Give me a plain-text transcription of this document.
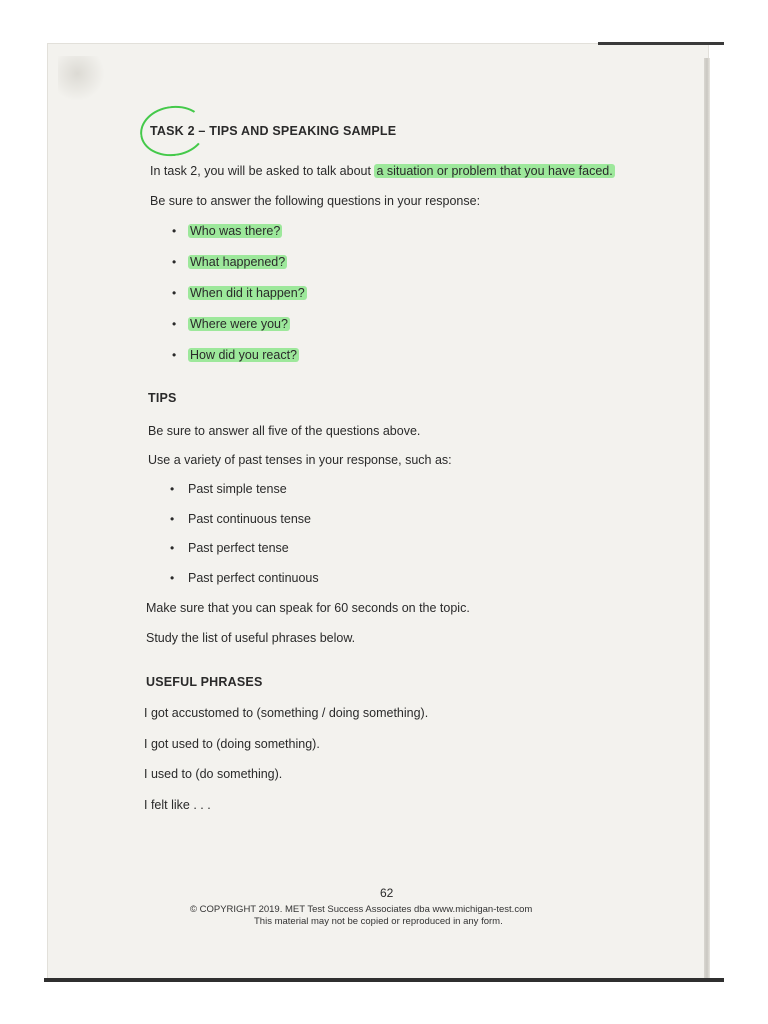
TASK 2 – TIPS AND SPEAKING SAMPLE
In task 2, you will be asked to talk about a situation or problem that you have faced.
Be sure to answer the following questions in your response:
• Who was there?
• What happened?
• When did it happen?
• Where were you?
• How did you react?
TIPS
Be sure to answer all five of the questions above.
Use a variety of past tenses in your response, such as:
• Past simple tense
• Past continuous tense
• Past perfect tense
• Past perfect continuous
Make sure that you can speak for 60 seconds on the topic.
Study the list of useful phrases below.
USEFUL PHRASES
I got accustomed to (something / doing something).
I got used to (doing something).
I used to (do something).
I felt like . . .
62
© COPYRIGHT 2019. MET Test Success Associates dba www.michigan-test.com
This material may not be copied or reproduced in any form.
